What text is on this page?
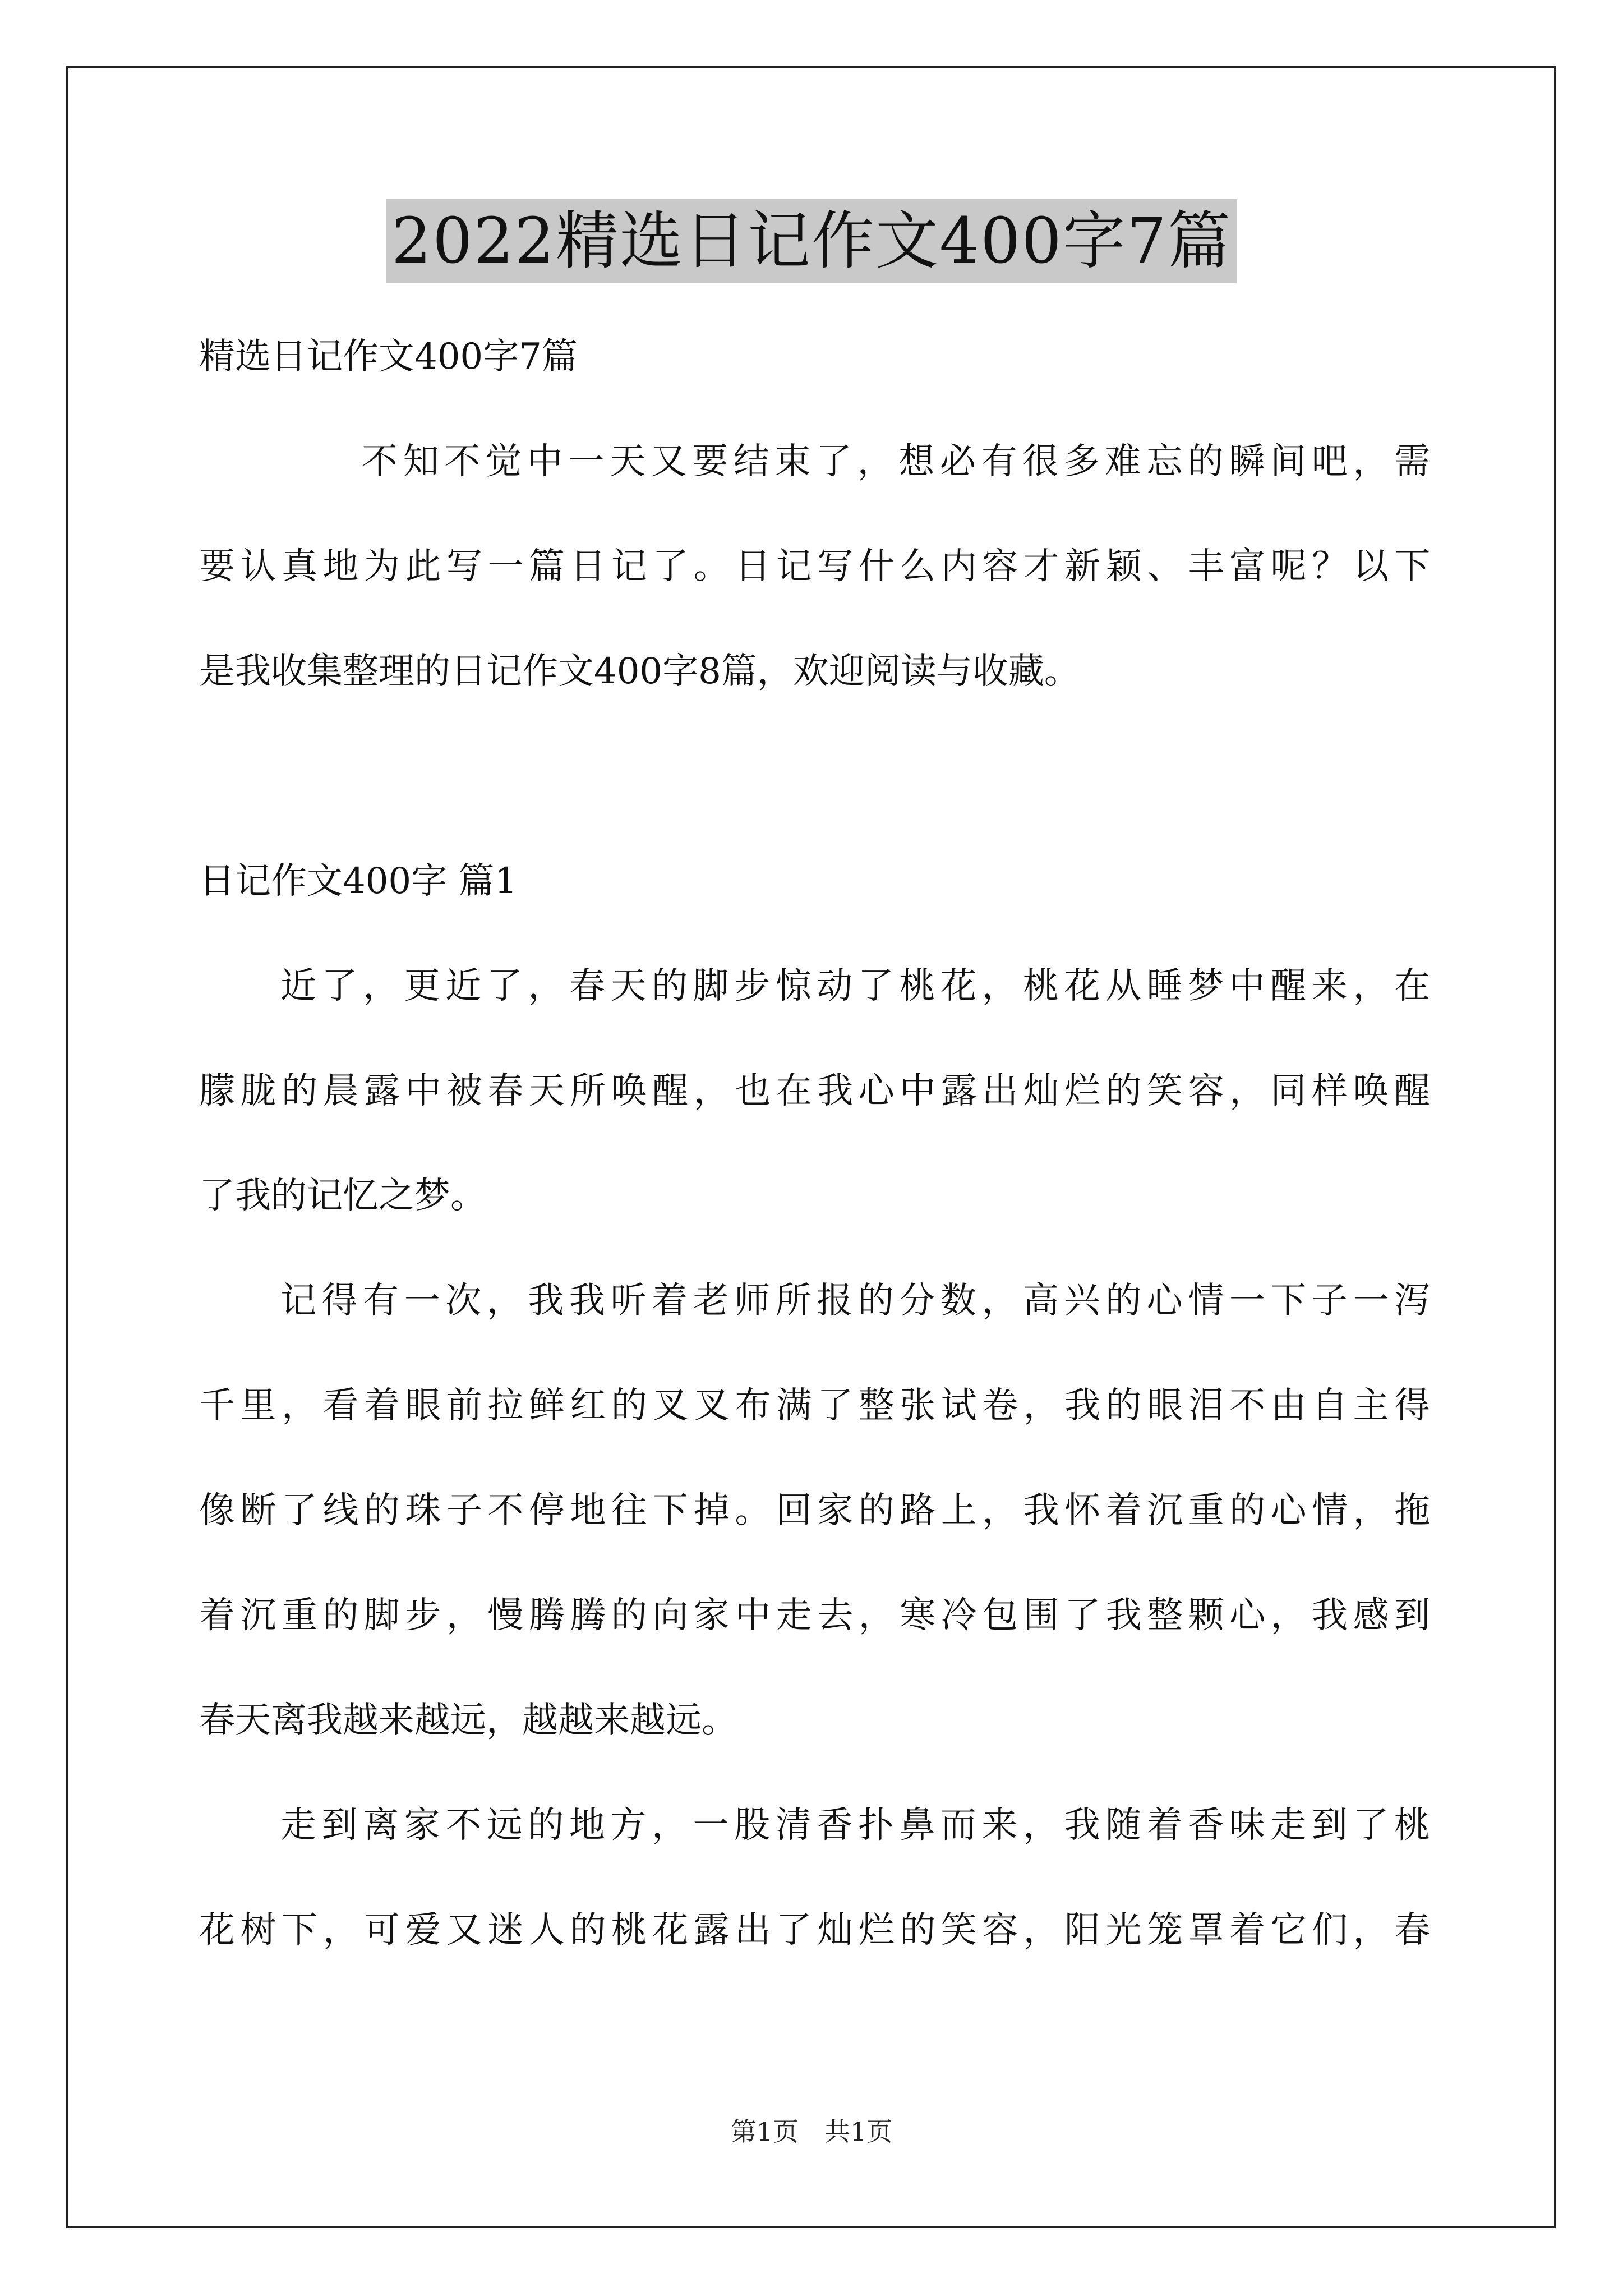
2022精选日记作文400字7篇
精选日记作文400字7篇
不知不觉中一天又要结束了，想必有很多难忘的瞬间吧，需
要认真地为此写一篇日记了。日记写什么内容才新颖、丰富呢？以下
是我收集整理的日记作文400字8篇，欢迎阅读与收藏。
日记作文400字 篇1
近了，更近了，春天的脚步惊动了桃花，桃花从睡梦中醒来，在
朦胧的晨露中被春天所唤醒，也在我心中露出灿烂的笑容，同样唤醒
了我的记忆之梦。
记得有一次，我我听着老师所报的分数，高兴的心情一下子一泻
千里，看着眼前拉鲜红的叉叉布满了整张试卷，我的眼泪不由自主得
像断了线的珠子不停地往下掉。回家的路上，我怀着沉重的心情，拖
着沉重的脚步，慢腾腾的向家中走去，寒冷包围了我整颗心，我感到
春天离我越来越远，越越来越远。
走到离家不远的地方，一股清香扑鼻而来，我随着香味走到了桃
花树下，可爱又迷人的桃花露出了灿烂的笑容，阳光笼罩着它们，春
第1页　共1页
